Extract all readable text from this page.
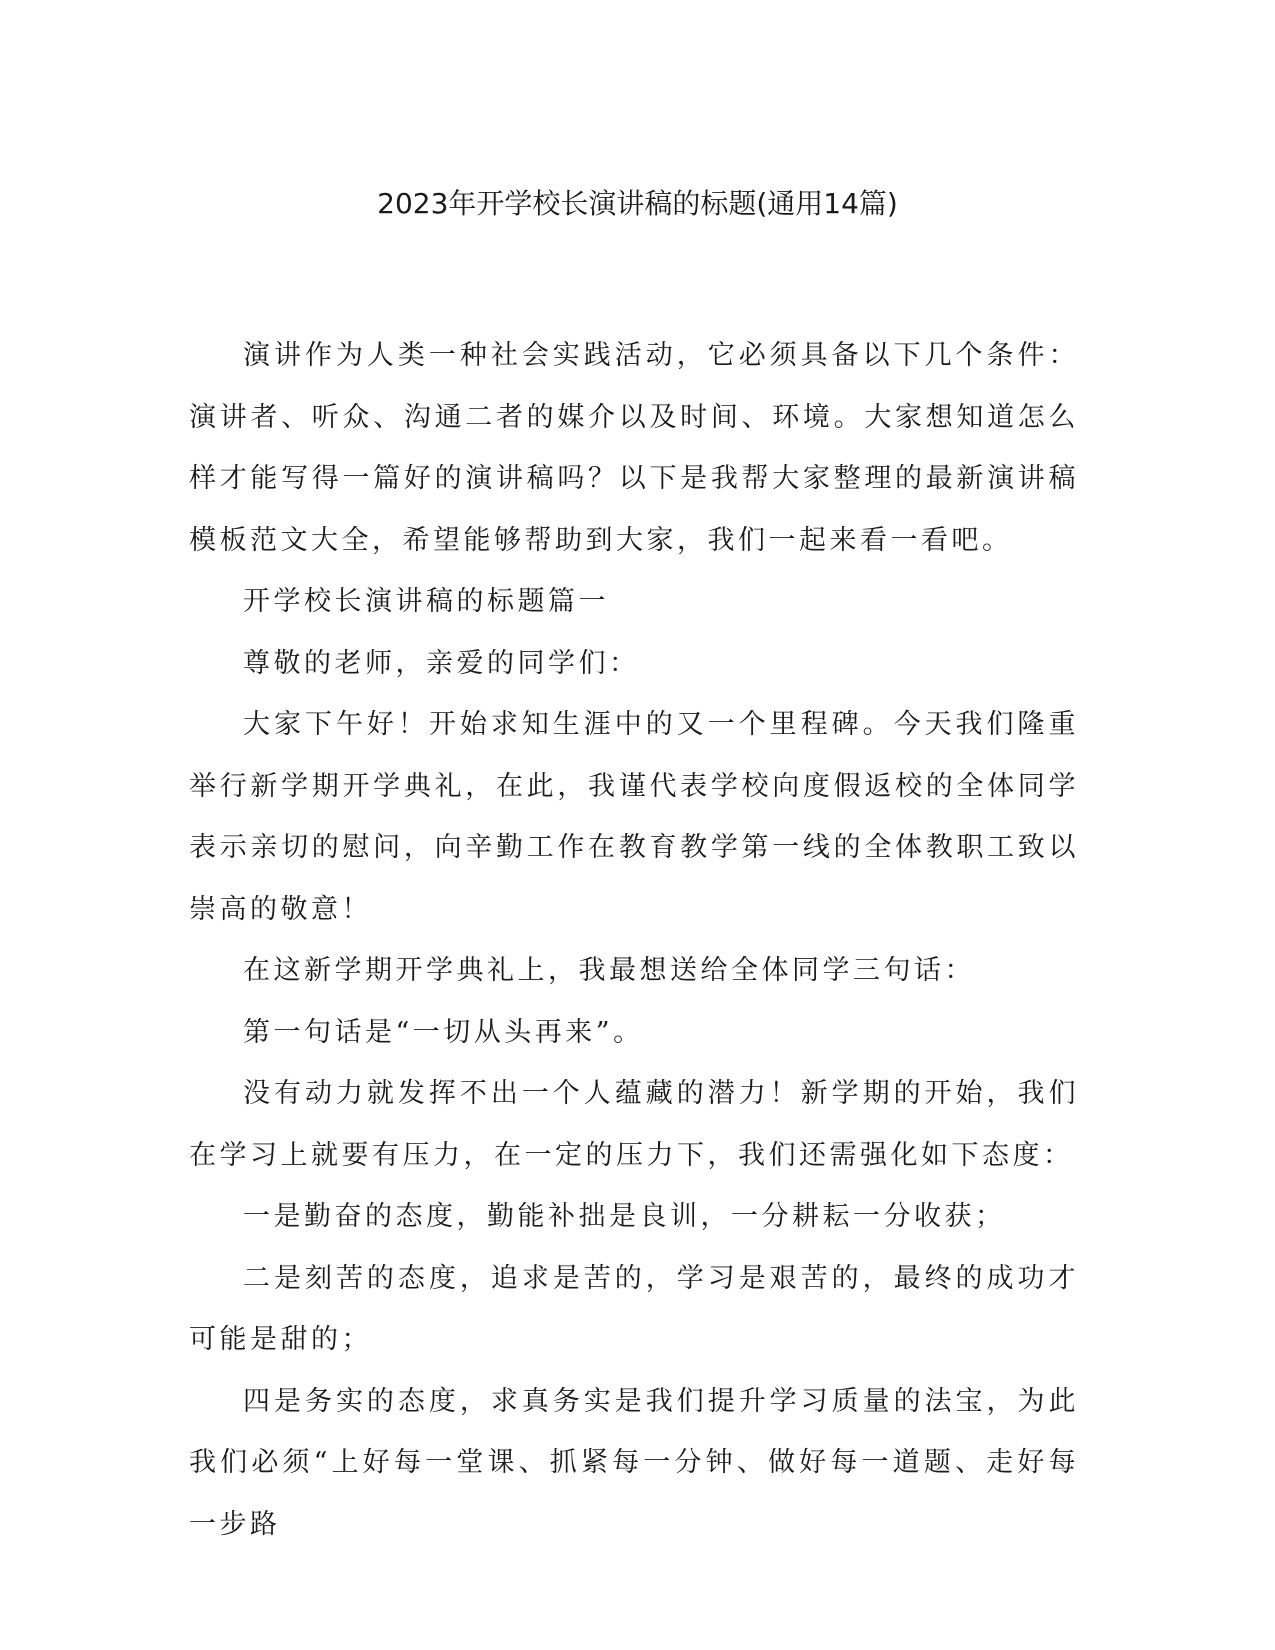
2023年开学校长演讲稿的标题(通用14篇)

演讲作为人类一种社会实践活动，它必须具备以下几个条件：演讲者、听众、沟通二者的媒介以及时间、环境。大家想知道怎么样才能写得一篇好的演讲稿吗？以下是我帮大家整理的最新演讲稿模板范文大全，希望能够帮助到大家，我们一起来看一看吧。

开学校长演讲稿的标题篇一

尊敬的老师，亲爱的同学们：

大家下午好！开始求知生涯中的又一个里程碑。今天我们隆重举行新学期开学典礼，在此，我谨代表学校向度假返校的全体同学表示亲切的慰问，向辛勤工作在教育教学第一线的全体教职工致以崇高的敬意！

在这新学期开学典礼上，我最想送给全体同学三句话：

第一句话是“一切从头再来”。

没有动力就发挥不出一个人蕴藏的潜力！新学期的开始，我们在学习上就要有压力，在一定的压力下，我们还需强化如下态度：

一是勤奋的态度，勤能补拙是良训，一分耕耘一分收获；

二是刻苦的态度，追求是苦的，学习是艰苦的，最终的成功才可能是甜的；

四是务实的态度，求真务实是我们提升学习质量的法宝，为此我们必须“上好每一堂课、抓紧每一分钟、做好每一道题、走好每一步路
